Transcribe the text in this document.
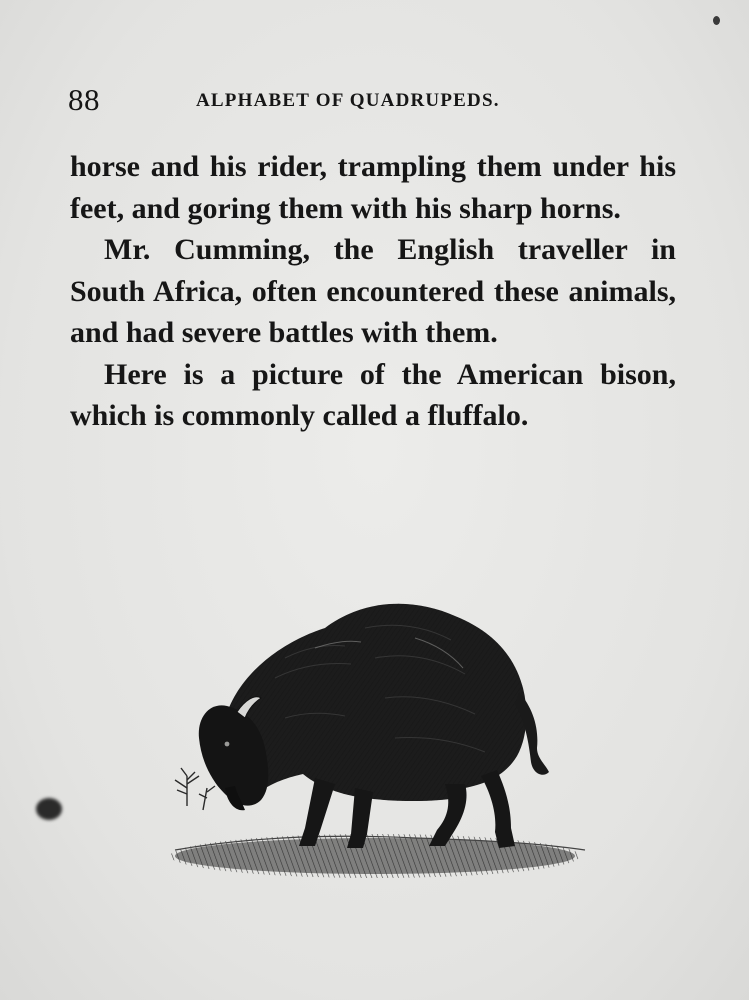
88	ALPHABET OF QUADRUPEDS.

horse and his rider, trampling them under his feet, and goring them with his sharp horns.

Mr. Cumming, the English traveller in South Africa, often encountered these animals, and had severe battles with them.

Here is a picture of the American bison, which is commonly called a fluffalo.
